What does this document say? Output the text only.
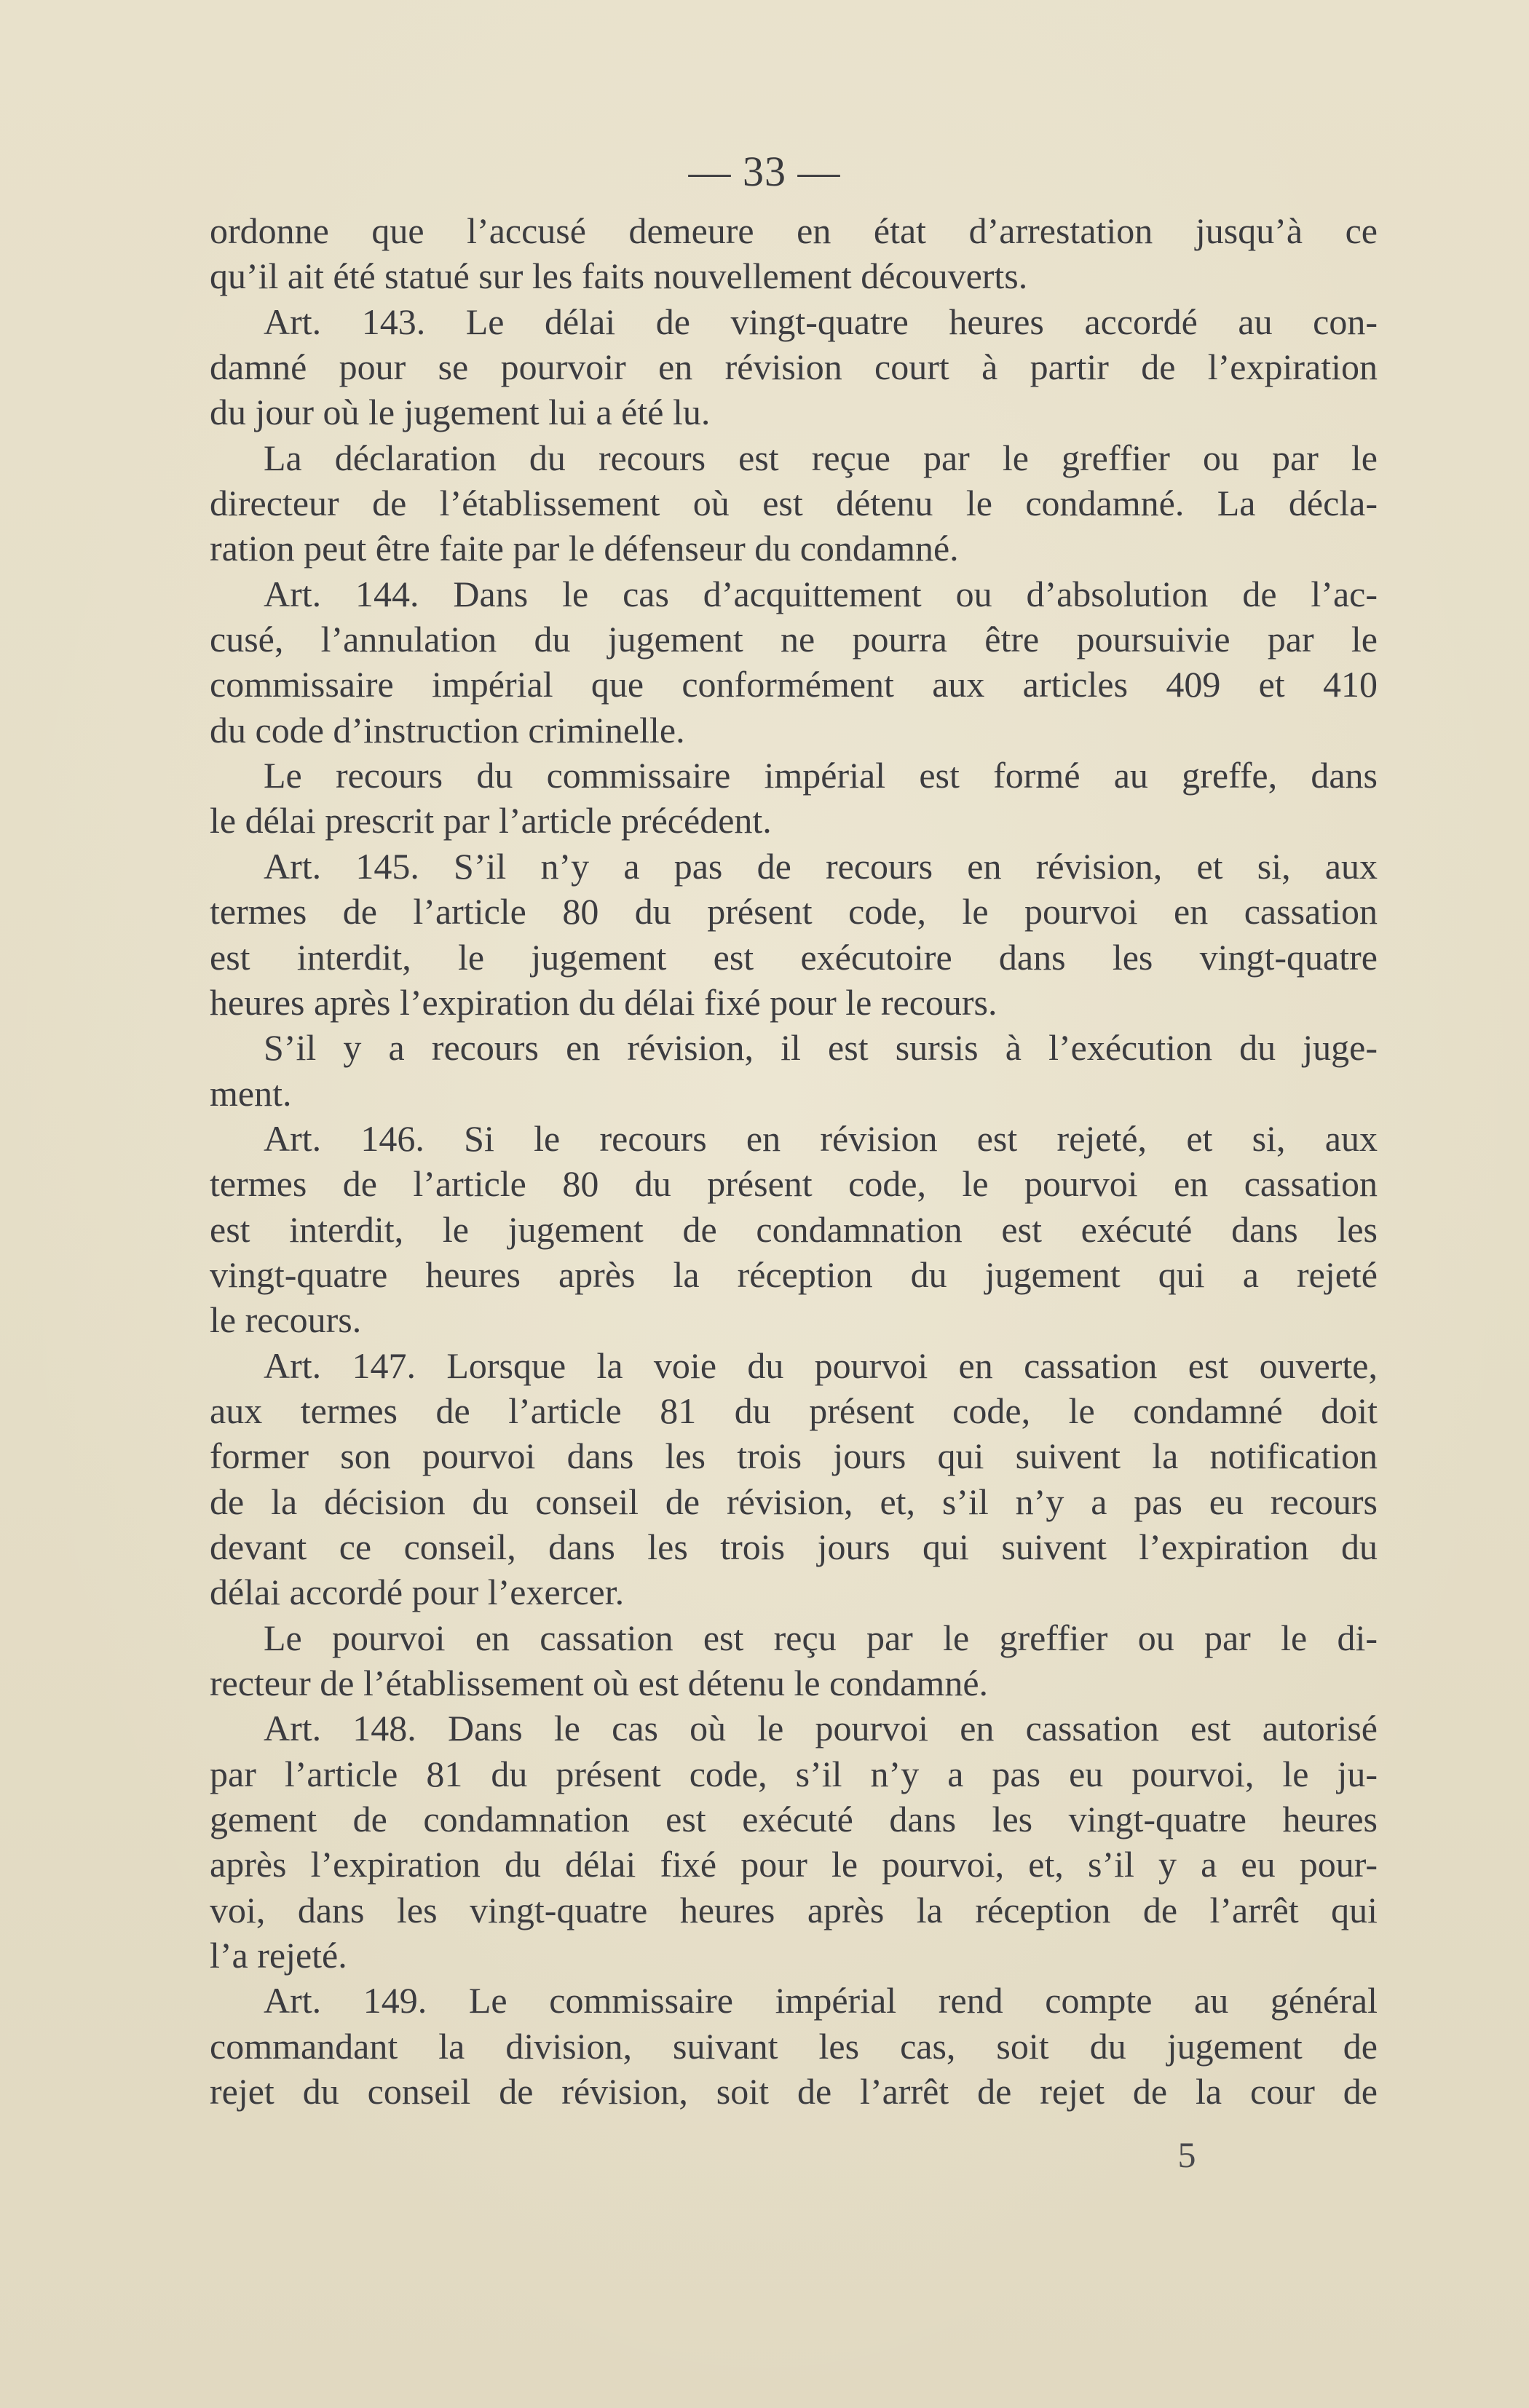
— 33 —
ordonne que l’accusé demeure en état d’arrestation jusqu’à ce
qu’il ait été statué sur les faits nouvellement découverts.
Art. 143. Le délai de vingt-quatre heures accordé au con-
damné pour se pourvoir en révision court à partir de l’expiration
du jour où le jugement lui a été lu.
La déclaration du recours est reçue par le greffier ou par le
directeur de l’établissement où est détenu le condamné. La décla-
ration peut être faite par le défenseur du condamné.
Art. 144. Dans le cas d’acquittement ou d’absolution de l’ac-
cusé, l’annulation du jugement ne pourra être poursuivie par le
commissaire impérial que conformément aux articles 409 et 410
du code d’instruction criminelle.
Le recours du commissaire impérial est formé au greffe, dans
le délai prescrit par l’article précédent.
Art. 145. S’il n’y a pas de recours en révision, et si, aux
termes de l’article 80 du présent code, le pourvoi en cassation
est interdit, le jugement est exécutoire dans les vingt-quatre
heures après l’expiration du délai fixé pour le recours.
S’il y a recours en révision, il est sursis à l’exécution du juge-
ment.
Art. 146. Si le recours en révision est rejeté, et si, aux
termes de l’article 80 du présent code, le pourvoi en cassation
est interdit, le jugement de condamnation est exécuté dans les
vingt-quatre heures après la réception du jugement qui a rejeté
le recours.
Art. 147. Lorsque la voie du pourvoi en cassation est ouverte,
aux termes de l’article 81 du présent code, le condamné doit
former son pourvoi dans les trois jours qui suivent la notification
de la décision du conseil de révision, et, s’il n’y a pas eu recours
devant ce conseil, dans les trois jours qui suivent l’expiration du
délai accordé pour l’exercer.
Le pourvoi en cassation est reçu par le greffier ou par le di-
recteur de l’établissement où est détenu le condamné.
Art. 148. Dans le cas où le pourvoi en cassation est autorisé
par l’article 81 du présent code, s’il n’y a pas eu pourvoi, le ju-
gement de condamnation est exécuté dans les vingt-quatre heures
après l’expiration du délai fixé pour le pourvoi, et, s’il y a eu pour-
voi, dans les vingt-quatre heures après la réception de l’arrêt qui
l’a rejeté.
Art. 149. Le commissaire impérial rend compte au général
commandant la division, suivant les cas, soit du jugement de
rejet du conseil de révision, soit de l’arrêt de rejet de la cour de
5
